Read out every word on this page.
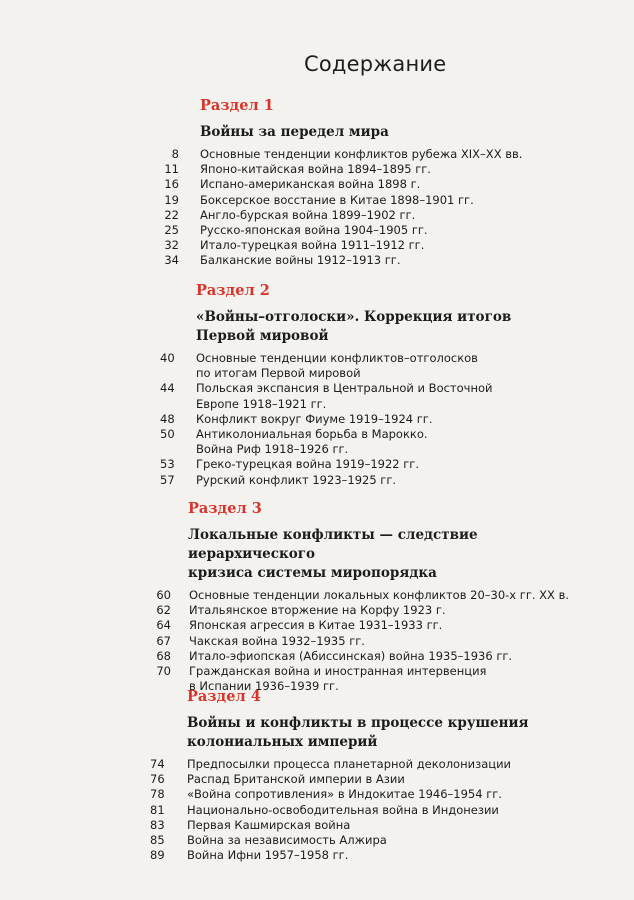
Содержание
Раздел 1
Войны за передел мира
8 Основные тенденции конфликтов рубежа XIX–XX вв.
11 Японо-китайская война 1894–1895 гг.
16 Испано-американская война 1898 г.
19 Боксерское восстание в Китае 1898–1901 гг.
22 Англо-бурская война 1899–1902 гг.
25 Русско-японская война 1904–1905 гг.
32 Итало-турецкая война 1911–1912 гг.
34 Балканские войны 1912–1913 гг.
Раздел 2
«Войны–отголоски». Коррекция итогов
Первой мировой
40 Основные тенденции конфликтов–отголосков
по итогам Первой мировой
44 Польская экспансия в Центральной и Восточной
Европе 1918–1921 гг.
48 Конфликт вокруг Фиуме 1919–1924 гг.
50 Антиколониальная борьба в Марокко.
Война Риф 1918–1926 гг.
53 Греко-турецкая война 1919–1922 гг.
57 Рурский конфликт 1923–1925 гг.
Раздел 3
Локальные конфликты — следствие иерархического
кризиса системы миропорядка
60 Основные тенденции локальных конфликтов 20–30-х гг. XX в.
62 Итальянское вторжение на Корфу 1923 г.
64 Японская агрессия в Китае 1931–1933 гг.
67 Чакская война 1932–1935 гг.
68 Итало-эфиопская (Абиссинская) война 1935–1936 гг.
70 Гражданская война и иностранная интервенция
в Испании 1936–1939 гг.
Раздел 4
Войны и конфликты в процессе крушения
колониальных империй
74 Предпосылки процесса планетарной деколонизации
76 Распад Британской империи в Азии
78 «Война сопротивления» в Индокитае 1946–1954 гг.
81 Национально-освободительная война в Индонезии
83 Первая Кашмирская война
85 Война за независимость Алжира
89 Война Ифни 1957–1958 гг.
